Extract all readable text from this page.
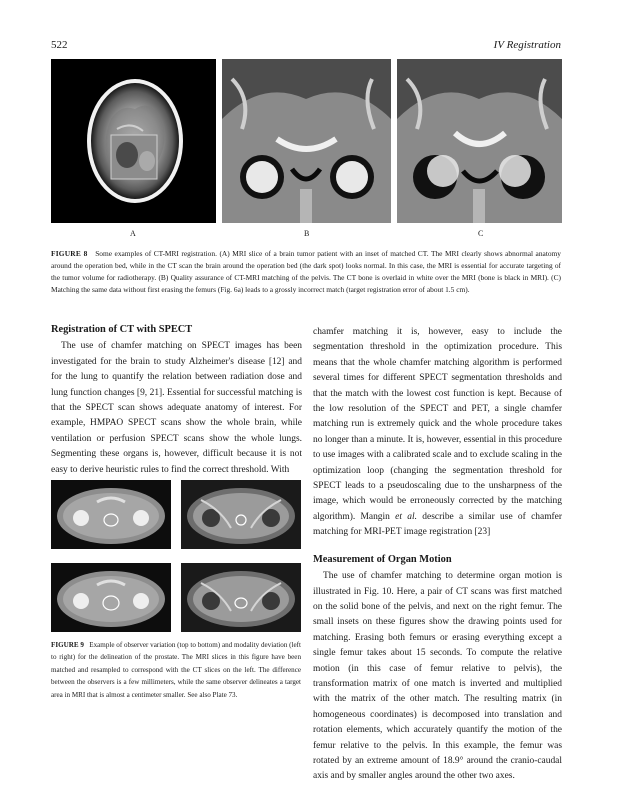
522	IV Registration
A	B	C
FIGURE 8 Some examples of CT-MRI registration. (A) MRI slice of a brain tumor patient with an inset of matched CT. The MRI clearly shows abnormal anatomy around the operation bed, while in the CT scan the brain around the operation bed (the dark spot) looks normal. In this case, the MRI is essential for accurate targeting of the tumor volume for radiotherapy. (B) Quality assurance of CT-MRI matching of the pelvis. The CT bone is overlaid in white over the MRI (bone is black in MRI). (C) Matching the same data without first erasing the femurs (Fig. 6a) leads to a grossly incorrect match (target registration error of about 1.5 cm).
Registration of CT with SPECT

The use of chamfer matching on SPECT images has been investigated for the brain to study Alzheimer's disease [12] and for the lung to quantify the relation between radiation dose and lung function changes [9, 21]. Essential for successful matching is that the SPECT scan shows adequate anatomy of interest. For example, HMPAO SPECT scans show the whole brain, while ventilation or perfusion SPECT scans show the whole lungs. Segmenting these organs is, however, difficult because it is not easy to derive heuristic rules to find the correct threshold. With

FIGURE 9 Example of observer variation (top to bottom) and modality deviation (left to right) for the delineation of the prostate. The MRI slices in this figure have been matched and resampled to correspond with the CT slices on the left. The difference between the observers is a few millimeters, while the same observer delineates a target area in MRI that is almost a centimeter smaller. See also Plate 73.

chamfer matching it is, however, easy to include the segmentation threshold in the optimization procedure. This means that the whole chamfer matching algorithm is performed several times for different SPECT segmentation thresholds and that the match with the lowest cost function is kept. Because of the low resolution of the SPECT and PET, a single chamfer matching run is extremely quick and the whole procedure takes no longer than a minute. It is, however, essential in this procedure to use images with a calibrated scale and to exclude scaling in the optimization loop (changing the segmentation threshold for SPECT leads to a pseudoscaling due to the unsharpness of the image, which would be erroneously corrected by the matching algorithm). Mangin et al. describe a similar use of chamfer matching for MRI-PET image registration [23]

Measurement of Organ Motion

The use of chamfer matching to determine organ motion is illustrated in Fig. 10. Here, a pair of CT scans was first matched on the solid bone of the pelvis, and next on the right femur. The small insets on these figures show the drawing points used for matching. Erasing both femurs or erasing everything except a single femur takes about 15 seconds. To compute the relative motion (in this case of femur relative to pelvis), the transformation matrix of one match is inverted and multiplied with the matrix of the other match. The resulting matrix (in homogeneous coordinates) is decomposed into translation and rotation elements, which accurately quantify the motion of the femur relative to the pelvis. In this example, the femur was rotated by an extreme amount of 18.9° around the cranio-caudal axis and by smaller angles around the other two axes.
